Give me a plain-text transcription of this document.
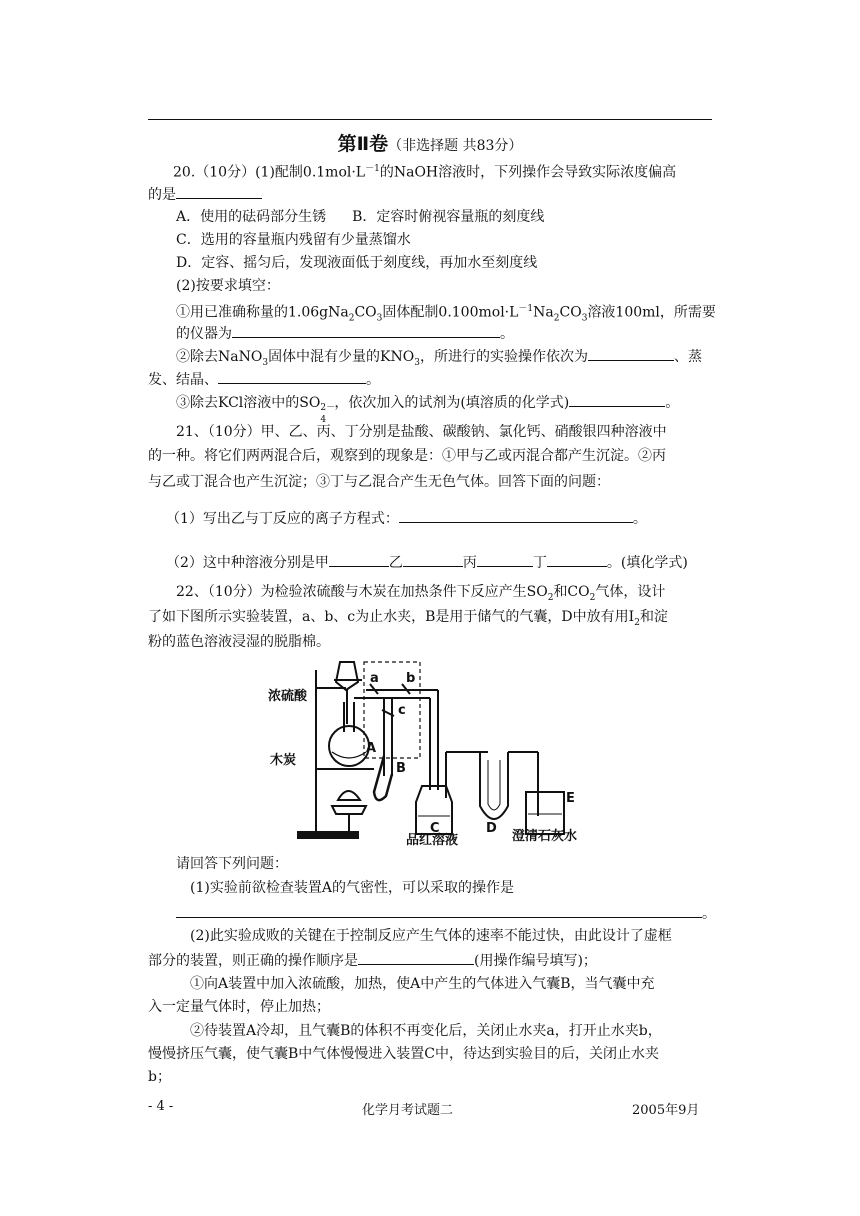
第Ⅱ卷（非选择题 共83分）
20.（10分）(1)配制$0.1mol\cdot L^{-1}$的NaOH溶液时，下列操作会导致实际浓度偏高
的是
A．使用的砝码部分生锈 B．定容时俯视容量瓶的刻度线
C．选用的容量瓶内残留有少量蒸馏水
D．定容、摇匀后，发现液面低于刻度线，再加水至刻度线
(2)按要求填空：
①用已准确称量的$1.06gNa_2CO_3$固体配制$0.100mol\cdot L^{-1}Na_2CO_3$溶液100ml，所需要
的仪器为	。
②除去NaNO$_3$固体中混有少量的$KNO_3$，所进行的实验操作依次为	、蒸
发、结晶、	。
③除去KCl溶液中的SO 2－
4
，依次加入的试剂为(填溶质的化学式)	。
21、（10分）甲、乙、丙、丁分别是盐酸、碳酸钠、氯化钙、硝酸银四种溶液中
的一种。将它们两两混合后，观察到的现象是：①甲与乙或丙混合都产生沉淀。②丙
与乙或丁混合也产生沉淀；③丁与乙混合产生无色气体。回答下面的问题：
（1）写出乙与丁反应的离子方程式：	。
（2）这中种溶液分别是甲	乙	丙	丁	。(填化学式)
22、（10分）为检验浓硫酸与木炭在加热条件下反应产生$SO_2$和$CO_2$气体，设计
了如下图所示实验装置，a、b、c为止水夹，B是用于储气的气囊，D中放有用$I_2$和淀
粉的蓝色溶液浸湿的脱脂棉。
浓硫酸
木炭
A
B
a b
c
C	D
E
品红溶液	澄清石灰水
请回答下列问题：
(1)实验前欲检查装置A的气密性，可以采取的操作是
。
(2)此实验成败的关键在于控制反应产生气体的速率不能过快，由此设计了虚框
部分的装置，则正确的操作顺序是	(用操作编号填写)；
①向A装置中加入浓硫酸，加热，使A中产生的气体进入气囊B，当气囊中充
入一定量气体时，停止加热；
②待装置A冷却，且气囊B的体积不再变化后，关闭止水夹a，打开止水夹b，
慢慢挤压气囊，使气囊B中气体慢慢进入装置C中，待达到实验目的后，关闭止水夹
b；
- 4 -	化学月考试题二	2005年9月
